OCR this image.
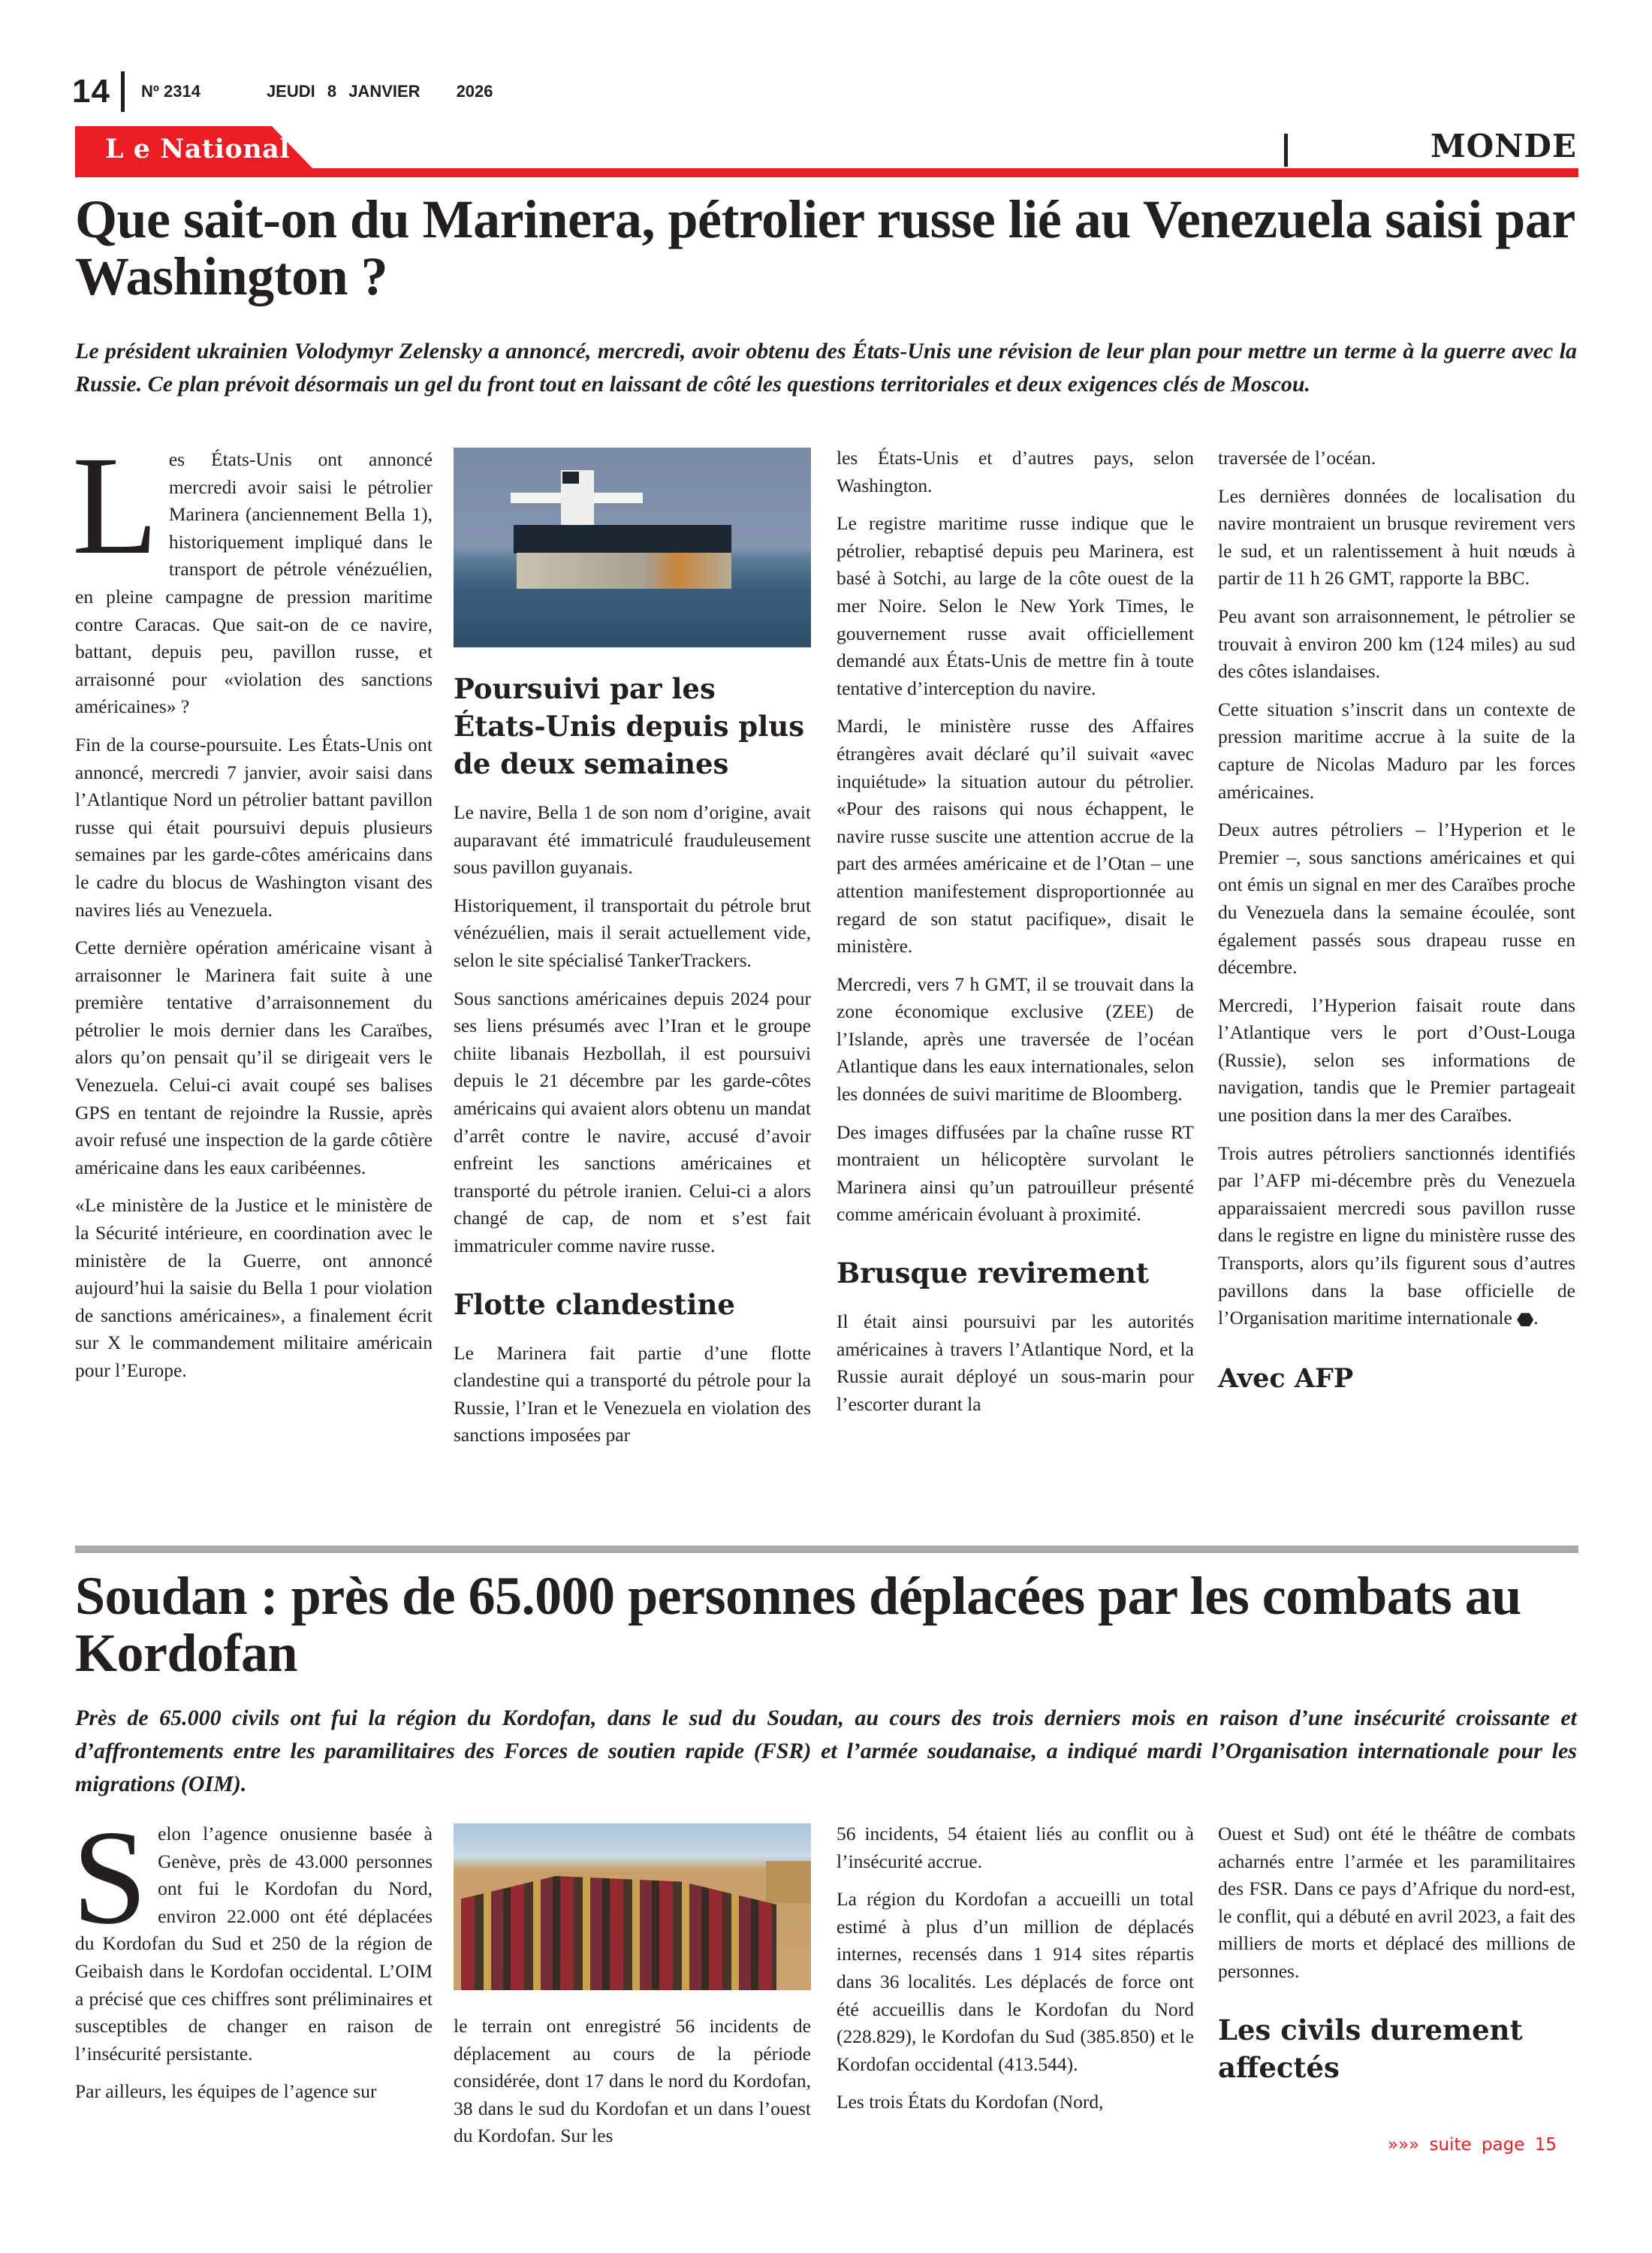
14 Nº 2314	JEUDI 8 JANVIER 2026
L e National	MONDE
Que sait-on du Marinera, pétrolier russe lié au Venezuela saisi par Washington ?

Le président ukrainien Volodymyr Zelensky a annoncé, mercredi, avoir obtenu des États-Unis une révision de leur plan pour mettre un terme à la guerre avec la Russie. Ce plan prévoit désormais un gel du front tout en laissant de côté les questions territoriales et deux exigences clés de Moscou.

Les États-Unis ont annoncé mercredi avoir saisi le pétrolier Marinera (anciennement Bella 1), historiquement impliqué dans le transport de pétrole vénézuélien, en pleine campagne de pression maritime contre Caracas. Que sait-on de ce navire, battant, depuis peu, pavillon russe, et arraisonné pour «violation des sanctions américaines» ?

Fin de la course-poursuite. Les États-Unis ont annoncé, mercredi 7 janvier, avoir saisi dans l’Atlantique Nord un pétrolier battant pavillon russe qui était poursuivi depuis plusieurs semaines par les garde-côtes américains dans le cadre du blocus de Washington visant des navires liés au Venezuela.

Cette dernière opération américaine visant à arraisonner le Marinera fait suite à une première tentative d’arraisonnement du pétrolier le mois dernier dans les Caraïbes, alors qu’on pensait qu’il se dirigeait vers le Venezuela. Celui-ci avait coupé ses balises GPS en tentant de rejoindre la Russie, après avoir refusé une inspection de la garde côtière américaine dans les eaux caribéennes.

«Le ministère de la Justice et le ministère de la Sécurité intérieure, en coordination avec le ministère de la Guerre, ont annoncé aujourd’hui la saisie du Bella 1 pour violation de sanctions américaines», a finalement écrit sur X le commandement militaire américain pour l’Europe.

Poursuivi par les États-Unis depuis plus de deux semaines

Le navire, Bella 1 de son nom d’origine, avait auparavant été immatriculé frauduleusement sous pavillon guyanais.

Historiquement, il transportait du pétrole brut vénézuélien, mais il serait actuellement vide, selon le site spécialisé TankerTrackers.

Sous sanctions américaines depuis 2024 pour ses liens présumés avec l’Iran et le groupe chiite libanais Hezbollah, il est poursuivi depuis le 21 décembre par les garde-côtes américains qui avaient alors obtenu un mandat d’arrêt contre le navire, accusé d’avoir enfreint les sanctions américaines et transporté du pétrole iranien. Celui-ci a alors changé de cap, de nom et s’est fait immatriculer comme navire russe.

Flotte clandestine

Le Marinera fait partie d’une flotte clandestine qui a transporté du pétrole pour la Russie, l’Iran et le Venezuela en violation des sanctions imposées par

les États-Unis et d’autres pays, selon Washington.

Le registre maritime russe indique que le pétrolier, rebaptisé depuis peu Marinera, est basé à Sotchi, au large de la côte ouest de la mer Noire. Selon le New York Times, le gouvernement russe avait officiellement demandé aux États-Unis de mettre fin à toute tentative d’interception du navire.

Mardi, le ministère russe des Affaires étrangères avait déclaré qu’il suivait «avec inquiétude» la situation autour du pétrolier. «Pour des raisons qui nous échappent, le navire russe suscite une attention accrue de la part des armées américaine et de l’Otan – une attention manifestement disproportionnée au regard de son statut pacifique», disait le ministère.

Mercredi, vers 7 h GMT, il se trouvait dans la zone économique exclusive (ZEE) de l’Islande, après une traversée de l’océan Atlantique dans les eaux internationales, selon les données de suivi maritime de Bloomberg.

Des images diffusées par la chaîne russe RT montraient un hélicoptère survolant le Marinera ainsi qu’un patrouilleur présenté comme américain évoluant à proximité.

Brusque revirement

Il était ainsi poursuivi par les autorités américaines à travers l’Atlantique Nord, et la Russie aurait déployé un sous-marin pour l’escorter durant la

traversée de l’océan.

Les dernières données de localisation du navire montraient un brusque revirement vers le sud, et un ralentissement à huit nœuds à partir de 11 h 26 GMT, rapporte la BBC.

Peu avant son arraisonnement, le pétrolier se trouvait à environ 200 km (124 miles) au sud des côtes islandaises.

Cette situation s’inscrit dans un contexte de pression maritime accrue à la suite de la capture de Nicolas Maduro par les forces américaines.

Deux autres pétroliers – l’Hyperion et le Premier –, sous sanctions américaines et qui ont émis un signal en mer des Caraïbes proche du Venezuela dans la semaine écoulée, sont également passés sous drapeau russe en décembre.

Mercredi, l’Hyperion faisait route dans l’Atlantique vers le port d’Oust-Louga (Russie), selon ses informations de navigation, tandis que le Premier partageait une position dans la mer des Caraïbes.

Trois autres pétroliers sanctionnés identifiés par l’AFP mi-décembre près du Venezuela apparaissaient mercredi sous pavillon russe dans le registre en ligne du ministère russe des Transports, alors qu’ils figurent sous d’autres pavillons dans la base officielle de l’Organisation maritime internationale .

Avec AFP
Soudan : près de 65.000 personnes déplacées par les combats au Kordofan

Près de 65.000 civils ont fui la région du Kordofan, dans le sud du Soudan, au cours des trois derniers mois en raison d’une insécurité croissante et d’affrontements entre les paramilitaires des Forces de soutien rapide (FSR) et l’armée soudanaise, a indiqué mardi l’Organisation internationale pour les migrations (OIM).

Selon l’agence onusienne basée à Genève, près de 43.000 personnes ont fui le Kordofan du Nord, environ 22.000 ont été déplacées du Kordofan du Sud et 250 de la région de Geibaish dans le Kordofan occidental. L’OIM a précisé que ces chiffres sont préliminaires et susceptibles de changer en raison de l’insécurité persistante.

Par ailleurs, les équipes de l’agence sur

le terrain ont enregistré 56 incidents de déplacement au cours de la période considérée, dont 17 dans le nord du Kordofan, 38 dans le sud du Kordofan et un dans l’ouest du Kordofan. Sur les

56 incidents, 54 étaient liés au conflit ou à l’insécurité accrue.

La région du Kordofan a accueilli un total estimé à plus d’un million de déplacés internes, recensés dans 1 914 sites répartis dans 36 localités. Les déplacés de force ont été accueillis dans le Kordofan du Nord (228.829), le Kordofan du Sud (385.850) et le Kordofan occidental (413.544).

Les trois États du Kordofan (Nord,

Ouest et Sud) ont été le théâtre de combats acharnés entre l’armée et les paramilitaires des FSR. Dans ce pays d’Afrique du nord-est, le conflit, qui a débuté en avril 2023, a fait des milliers de morts et déplacé des millions de personnes.

Les civils durement affectés
»»» suite page 15
